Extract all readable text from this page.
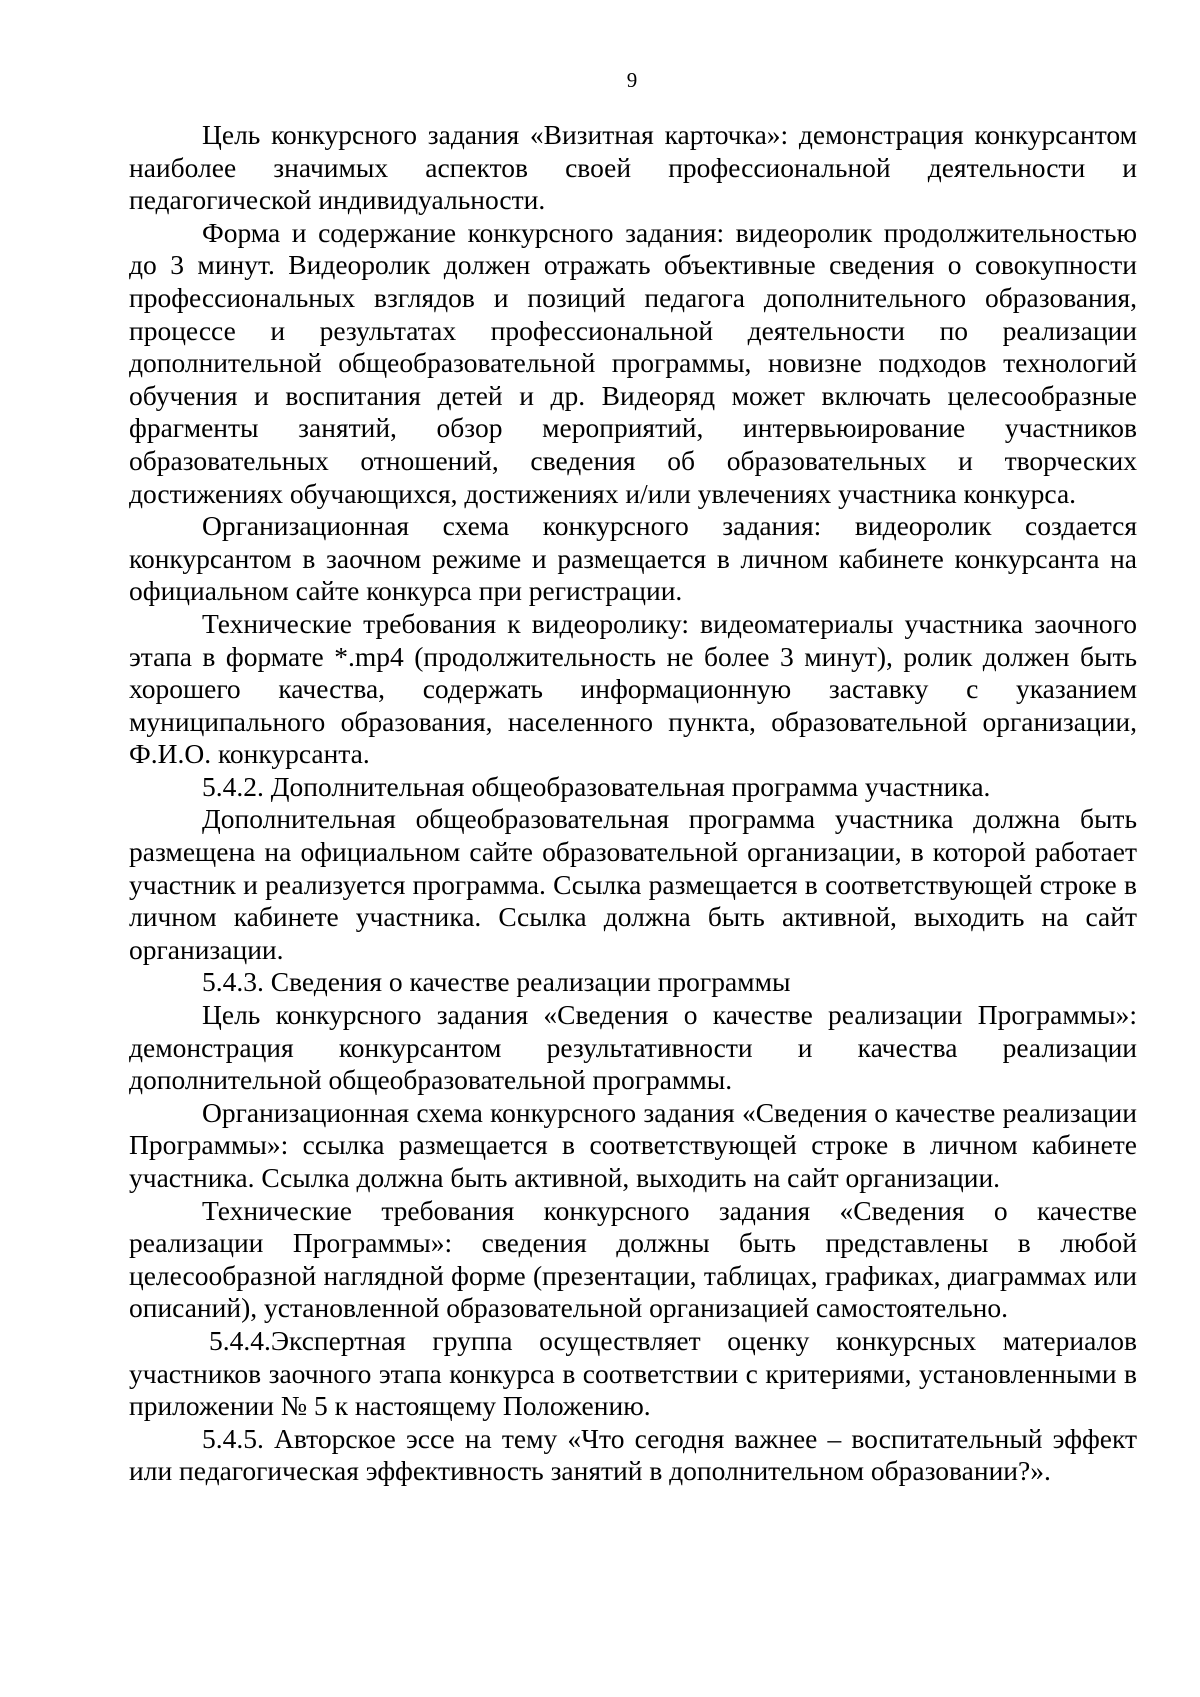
9

Цель конкурсного задания «Визитная карточка»: демонстрация конкурсантом наиболее значимых аспектов своей профессиональной деятельности и педагогической индивидуальности.

Форма и содержание конкурсного задания: видеоролик продолжительностью до 3 минут. Видеоролик должен отражать объективные сведения о совокупности профессиональных взглядов и позиций педагога дополнительного образования, процессе и результатах профессиональной деятельности по реализации дополнительной общеобразовательной программы, новизне подходов технологий обучения и воспитания детей и др. Видеоряд может включать целесообразные фрагменты занятий, обзор мероприятий, интервьюирование участников образовательных отношений, сведения об образовательных и творческих достижениях обучающихся, достижениях и/или увлечениях участника конкурса.

Организационная схема конкурсного задания: видеоролик создается конкурсантом в заочном режиме и размещается в личном кабинете конкурсанта на официальном сайте конкурса при регистрации.

Технические требования к видеоролику: видеоматериалы участника заочного этапа в формате *.mp4 (продолжительность не более 3 минут), ролик должен быть хорошего качества, содержать информационную заставку с указанием муниципального образования, населенного пункта, образовательной организации, Ф.И.О. конкурсанта.

5.4.2. Дополнительная общеобразовательная программа участника.

Дополнительная общеобразовательная программа участника должна быть размещена на официальном сайте образовательной организации, в которой работает участник и реализуется программа. Ссылка размещается в соответствующей строке в личном кабинете участника. Ссылка должна быть активной, выходить на сайт организации.

5.4.3. Сведения о качестве реализации программы

Цель конкурсного задания «Сведения о качестве реализации Программы»: демонстрация конкурсантом результативности и качества реализации дополнительной общеобразовательной программы.

Организационная схема конкурсного задания «Сведения о качестве реализации Программы»: ссылка размещается в соответствующей строке в личном кабинете участника. Ссылка должна быть активной, выходить на сайт организации.

Технические требования конкурсного задания «Сведения о качестве реализации Программы»: сведения должны быть представлены в любой целесообразной наглядной форме (презентации, таблицах, графиках, диаграммах или описаний), установленной образовательной организацией самостоятельно.

5.4.4.Экспертная группа осуществляет оценку конкурсных материалов участников заочного этапа конкурса в соответствии с критериями, установленными в приложении № 5 к настоящему Положению.

5.4.5. Авторское эссе на тему «Что сегодня важнее – воспитательный эффект или педагогическая эффективность занятий в дополнительном образовании?».
